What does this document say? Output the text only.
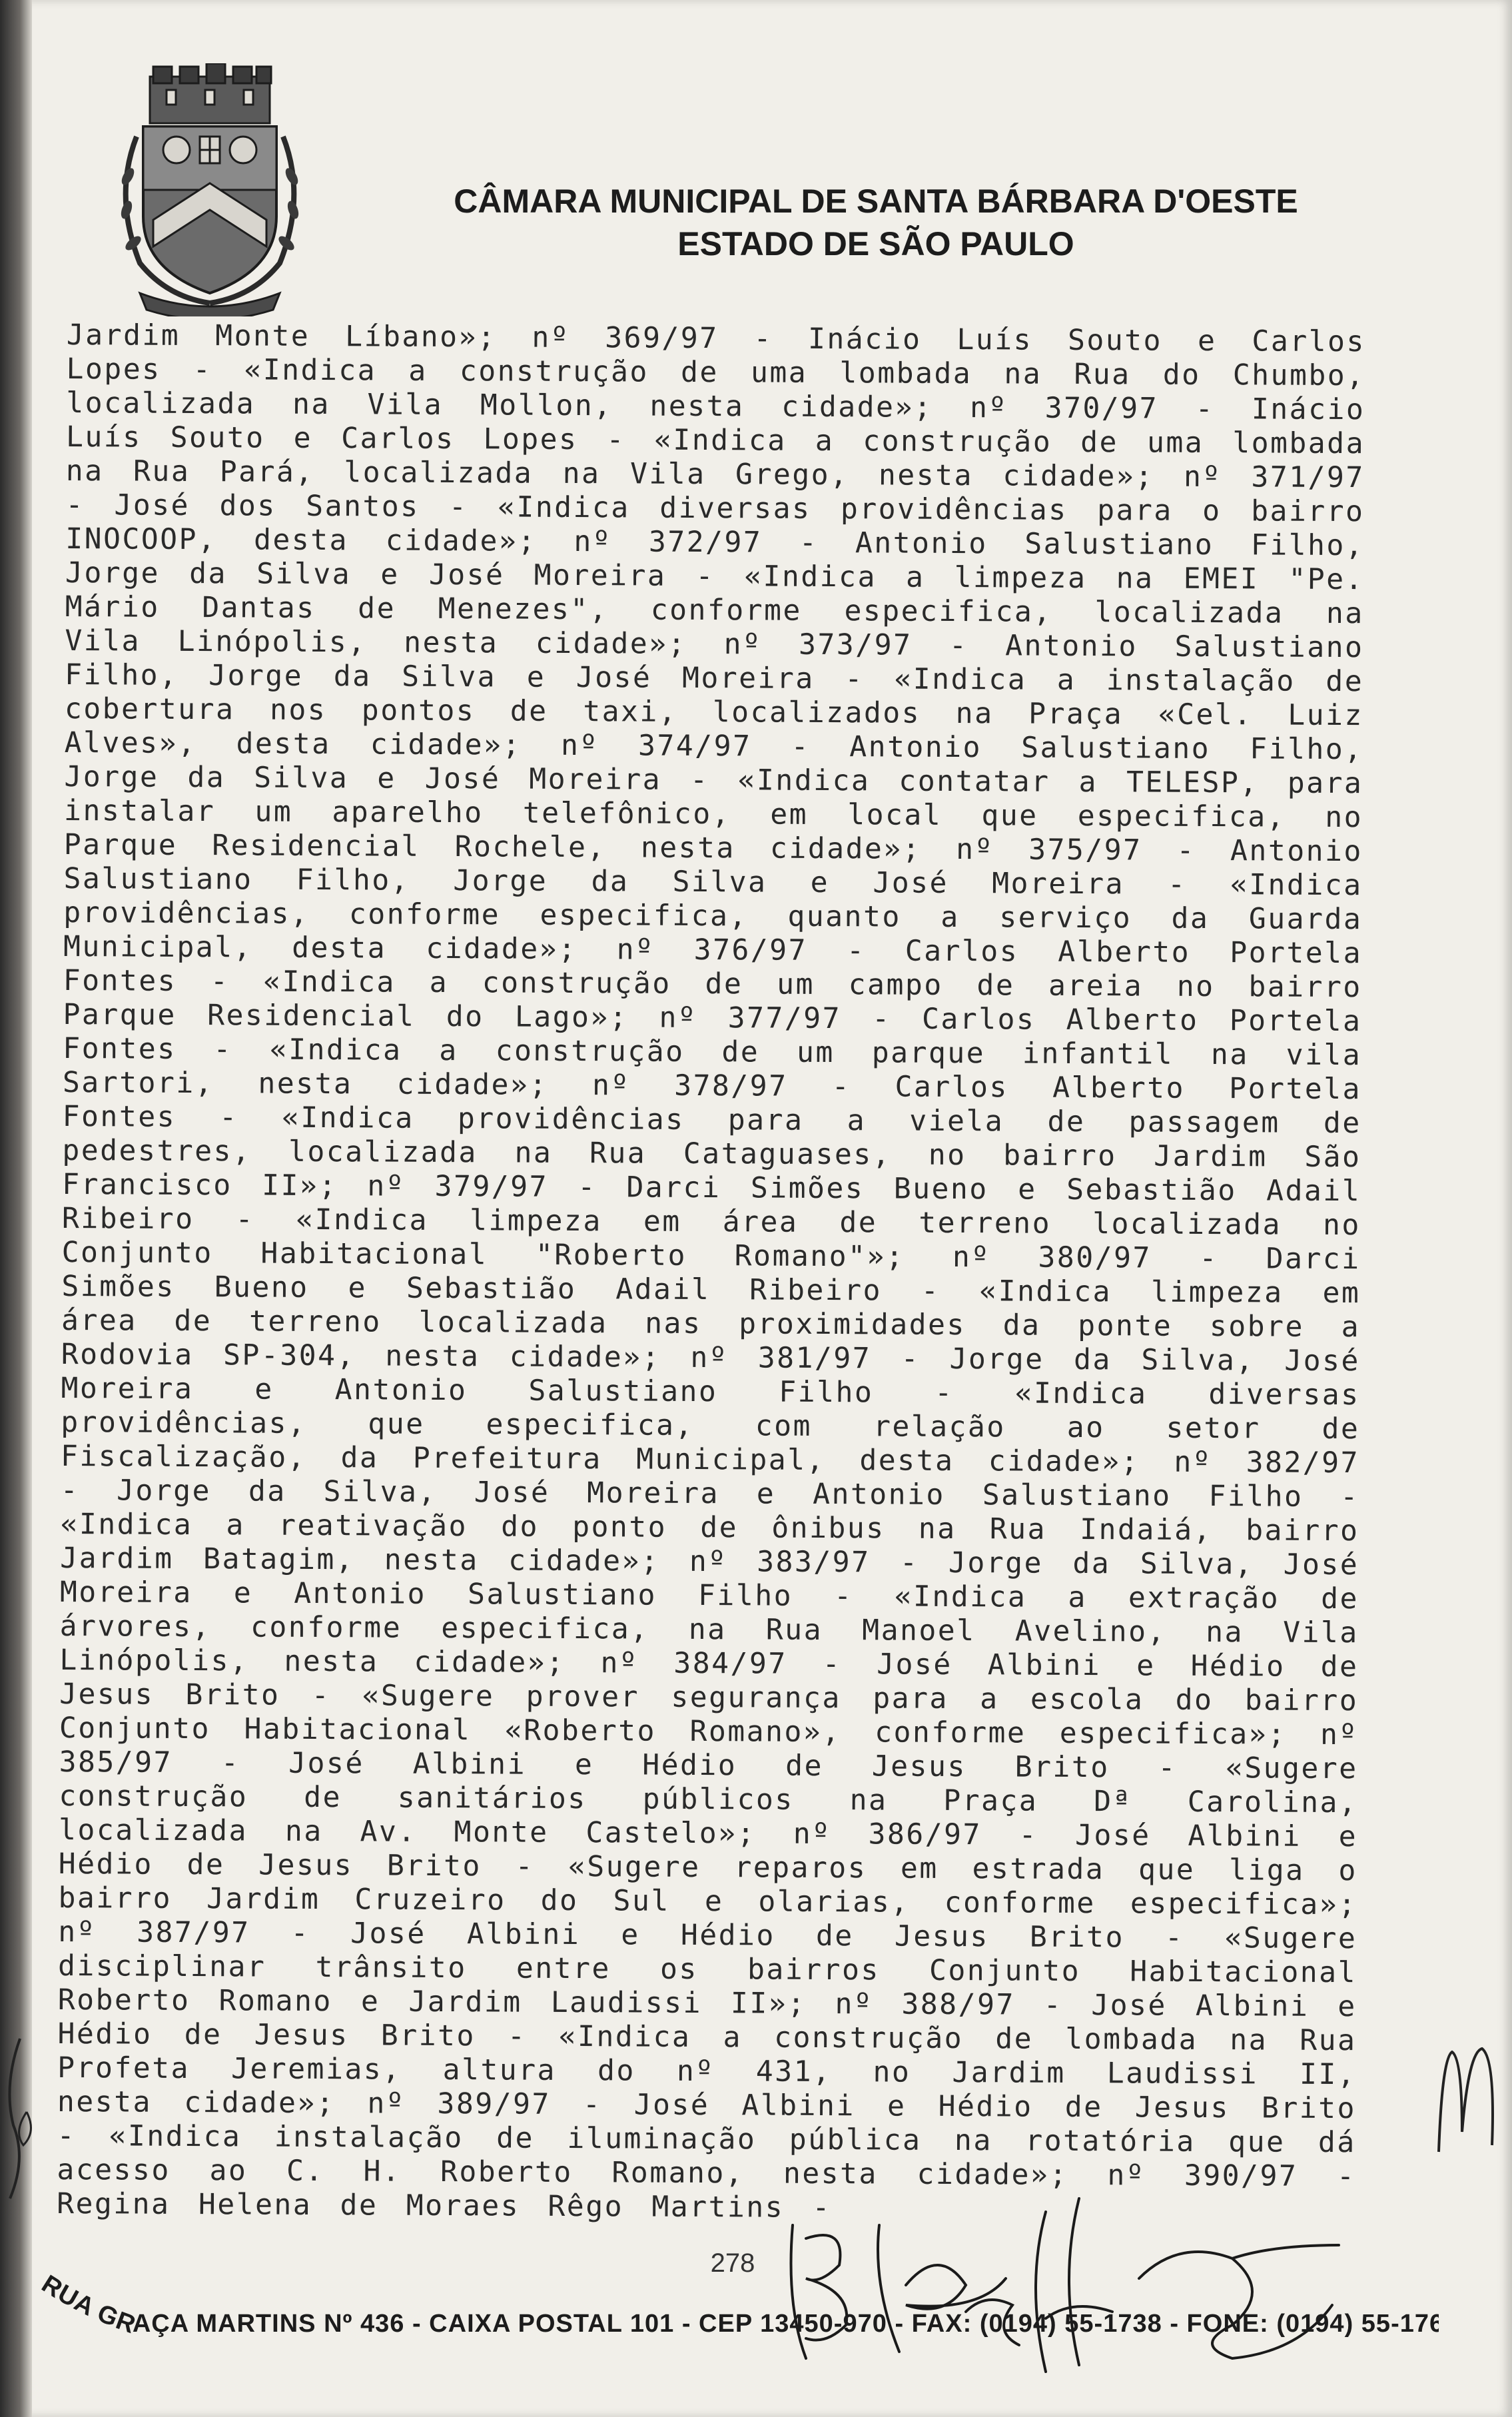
CÂMARA MUNICIPAL DE SANTA BÁRBARA D'OESTE
ESTADO DE SÃO PAULO

Jardim Monte Líbano»; nº 369/97 - Inácio Luís Souto e Carlos Lopes - «Indica a construção de uma lombada na Rua do Chumbo, localizada na Vila Mollon, nesta cidade»; nº 370/97 - Inácio Luís Souto e Carlos Lopes - «Indica a construção de uma lombada na Rua Pará, localizada na Vila Grego, nesta cidade»; nº 371/97 - José dos Santos - «Indica diversas providências para o bairro INOCOOP, desta cidade»; nº 372/97 - Antonio Salustiano Filho, Jorge da Silva e José Moreira - «Indica a limpeza na EMEI "Pe. Mário Dantas de Menezes", conforme especifica, localizada na Vila Linópolis, nesta cidade»; nº 373/97 - Antonio Salustiano Filho, Jorge da Silva e José Moreira - «Indica a instalação de cobertura nos pontos de taxi, localizados na Praça «Cel. Luiz Alves», desta cidade»; nº 374/97 - Antonio Salustiano Filho, Jorge da Silva e José Moreira - «Indica contatar a TELESP, para instalar um aparelho telefônico, em local que especifica, no Parque Residencial Rochele, nesta cidade»; nº 375/97 - Antonio Salustiano Filho, Jorge da Silva e José Moreira - «Indica providências, conforme especifica, quanto a serviço da Guarda Municipal, desta cidade»; nº 376/97 - Carlos Alberto Portela Fontes - «Indica a construção de um campo de areia no bairro Parque Residencial do Lago»; nº 377/97 - Carlos Alberto Portela Fontes - «Indica a construção de um parque infantil na vila Sartori, nesta cidade»; nº 378/97 - Carlos Alberto Portela Fontes - «Indica providências para a viela de passagem de pedestres, localizada na Rua Cataguases, no bairro Jardim São Francisco II»; nº 379/97 - Darci Simões Bueno e Sebastião Adail Ribeiro - «Indica limpeza em área de terreno localizada no Conjunto Habitacional "Roberto Romano"»; nº 380/97 - Darci Simões Bueno e Sebastião Adail Ribeiro - «Indica limpeza em área de terreno localizada nas proximidades da ponte sobre a Rodovia SP-304, nesta cidade»; nº 381/97 - Jorge da Silva, José Moreira e Antonio Salustiano Filho - «Indica diversas providências, que especifica, com relação ao setor de Fiscalização, da Prefeitura Municipal, desta cidade»; nº 382/97 - Jorge da Silva, José Moreira e Antonio Salustiano Filho - «Indica a reativação do ponto de ônibus na Rua Indaiá, bairro Jardim Batagim, nesta cidade»; nº 383/97 - Jorge da Silva, José Moreira e Antonio Salustiano Filho - «Indica a extração de árvores, conforme especifica, na Rua Manoel Avelino, na Vila Linópolis, nesta cidade»; nº 384/97 - José Albini e Hédio de Jesus Brito - «Sugere prover segurança para a escola do bairro Conjunto Habitacional «Roberto Romano», conforme especifica»; nº 385/97 - José Albini e Hédio de Jesus Brito - «Sugere construção de sanitários públicos na Praça Dª Carolina, localizada na Av. Monte Castelo»; nº 386/97 - José Albini e Hédio de Jesus Brito - «Sugere reparos em estrada que liga o bairro Jardim Cruzeiro do Sul e olarias, conforme especifica»; nº 387/97 - José Albini e Hédio de Jesus Brito - «Sugere disciplinar trânsito entre os bairros Conjunto Habitacional Roberto Romano e Jardim Laudissi II»; nº 388/97 - José Albini e Hédio de Jesus Brito - «Indica a construção de lombada na Rua Profeta Jeremias, altura do nº 431, no Jardim Laudissi II, nesta cidade»; nº 389/97 - José Albini e Hédio de Jesus Brito - «Indica instalação de iluminação pública na rotatória que dá acesso ao C. H. Roberto Romano, nesta cidade»; nº 390/97 - Regina Helena de Moraes Rêgo Martins -

278
UA GRAÇA MARTINS Nº 436 - CAIXA POSTAL 101 - CEP 13450-970 - FAX: (0194) 55-1738 - FONE: (0194) 55-17
